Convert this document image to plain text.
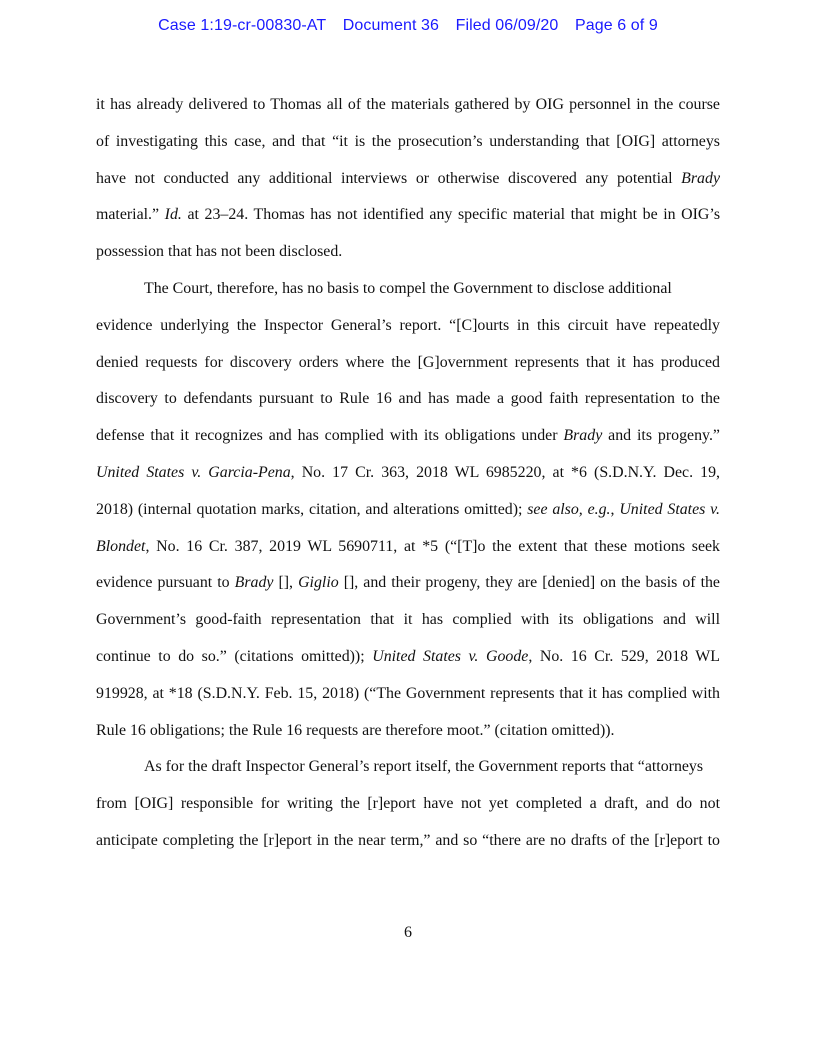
Case 1:19-cr-00830-AT Document 36 Filed 06/09/20 Page 6 of 9
it has already delivered to Thomas all of the materials gathered by OIG personnel in the course
of investigating this case, and that “it is the prosecution’s understanding that [OIG] attorneys
have not conducted any additional interviews or otherwise discovered any potential Brady
material.” Id. at 23–24. Thomas has not identified any specific material that might be in OIG’s
possession that has not been disclosed.
The Court, therefore, has no basis to compel the Government to disclose additional
evidence underlying the Inspector General’s report. “[C]ourts in this circuit have repeatedly
denied requests for discovery orders where the [G]overnment represents that it has produced
discovery to defendants pursuant to Rule 16 and has made a good faith representation to the
defense that it recognizes and has complied with its obligations under Brady and its progeny.”
United States v. Garcia-Pena, No. 17 Cr. 363, 2018 WL 6985220, at *6 (S.D.N.Y. Dec. 19,
2018) (internal quotation marks, citation, and alterations omitted); see also, e.g., United States v.
Blondet, No. 16 Cr. 387, 2019 WL 5690711, at *5 (“[T]o the extent that these motions seek
evidence pursuant to Brady [], Giglio [], and their progeny, they are [denied] on the basis of the
Government’s good-faith representation that it has complied with its obligations and will
continue to do so.” (citations omitted)); United States v. Goode, No. 16 Cr. 529, 2018 WL
919928, at *18 (S.D.N.Y. Feb. 15, 2018) (“The Government represents that it has complied with
Rule 16 obligations; the Rule 16 requests are therefore moot.” (citation omitted)).
As for the draft Inspector General’s report itself, the Government reports that “attorneys
from [OIG] responsible for writing the [r]eport have not yet completed a draft, and do not
anticipate completing the [r]eport in the near term,” and so “there are no drafts of the [r]eport to
6
